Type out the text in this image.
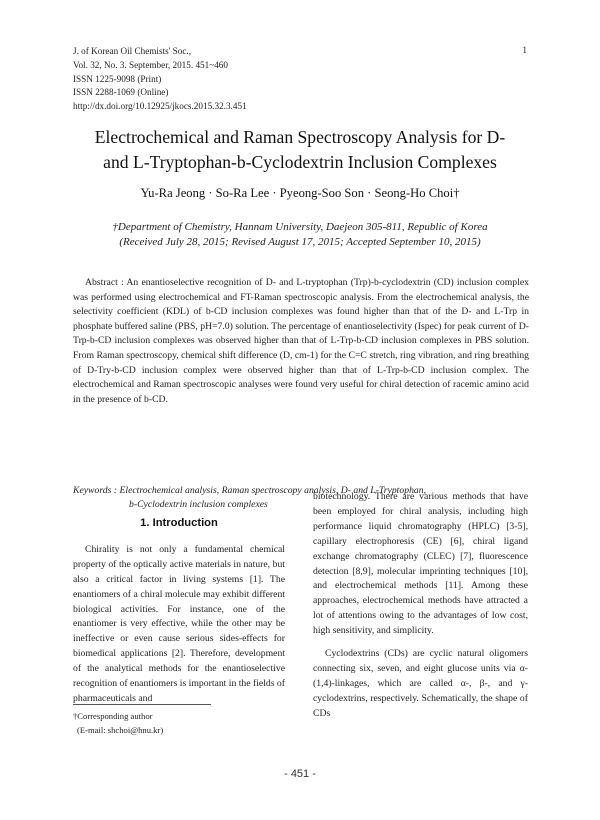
J. of Korean Oil Chemists' Soc.,
Vol. 32, No. 3. September, 2015. 451~460
ISSN 1225-9098 (Print)
ISSN 2288-1069 (Online)
http://dx.doi.org/10.12925/jkocs.2015.32.3.451
1
Electrochemical and Raman Spectroscopy Analysis for D-
and L-Tryptophan-b-Cyclodextrin Inclusion Complexes
Yu-Ra Jeong · So-Ra Lee · Pyeong-Soo Son · Seong-Ho Choi†
†Department of Chemistry, Hannam University, Daejeon 305-811, Republic of Korea
(Received July 28, 2015; Revised August 17, 2015; Accepted September 10, 2015)
Abstract : An enantioselective recognition of D- and L-tryptophan (Trp)-b-cyclodextrin (CD) inclusion complex was performed using electrochemical and FT-Raman spectroscopic analysis. From the electrochemical analysis, the selectivity coefficient (KDL) of b-CD inclusion complexes was found higher than that of the D- and L-Trp in phosphate buffered saline (PBS, pH=7.0) solution. The percentage of enantioselectivity (Ispec) for peak current of D-Trp-b-CD inclusion complexes was observed higher than that of L-Trp-b-CD inclusion complexes in PBS solution. From Raman spectroscopy, chemical shift difference (D, cm-1) for the C=C stretch, ring vibration, and ring breathing of D-Try-b-CD inclusion complex were observed higher than that of L-Trp-b-CD inclusion complex. The electrochemical and Raman spectroscopic analyses were found very useful for chiral detection of racemic amino acid in the presence of b-CD.
Keywords : Electrochemical analysis, Raman spectroscopy analysis, D- and L-Tryptophan,
b-Cyclodextrin inclusion complexes
1. Introduction

Chirality is not only a fundamental chemical property of the optically active materials in nature, but also a critical factor in living systems [1]. The enantiomers of a chiral molecule may exhibit different biological activities. For instance, one of the enantiomer is very effective, while the other may be ineffective or even cause serious sides-effects for biomedical applications [2]. Therefore, development of the analytical methods for the enantioselective recognition of enantiomers is important in the fields of pharmaceuticals and

biotechnology. There are various methods that have been employed for chiral analysis, including high performance liquid chromatography (HPLC) [3-5], capillary electrophoresis (CE) [6], chiral ligand exchange chromatography (CLEC) [7], fluorescence detection [8,9], molecular imprinting techniques [10], and electrochemical methods [11]. Among these approaches, electrochemical methods have attracted a lot of attentions owing to the advantages of low cost, high sensitivity, and simplicity.

Cyclodextrins (CDs) are cyclic natural oligomers connecting six, seven, and eight glucose units via α-(1,4)-linkages, which are called α-, β-, and γ-cyclodextrins, respectively. Schematically, the shape of CDs

†Corresponding author
(E-mail: shchoi@hnu.kr)
- 451 -
